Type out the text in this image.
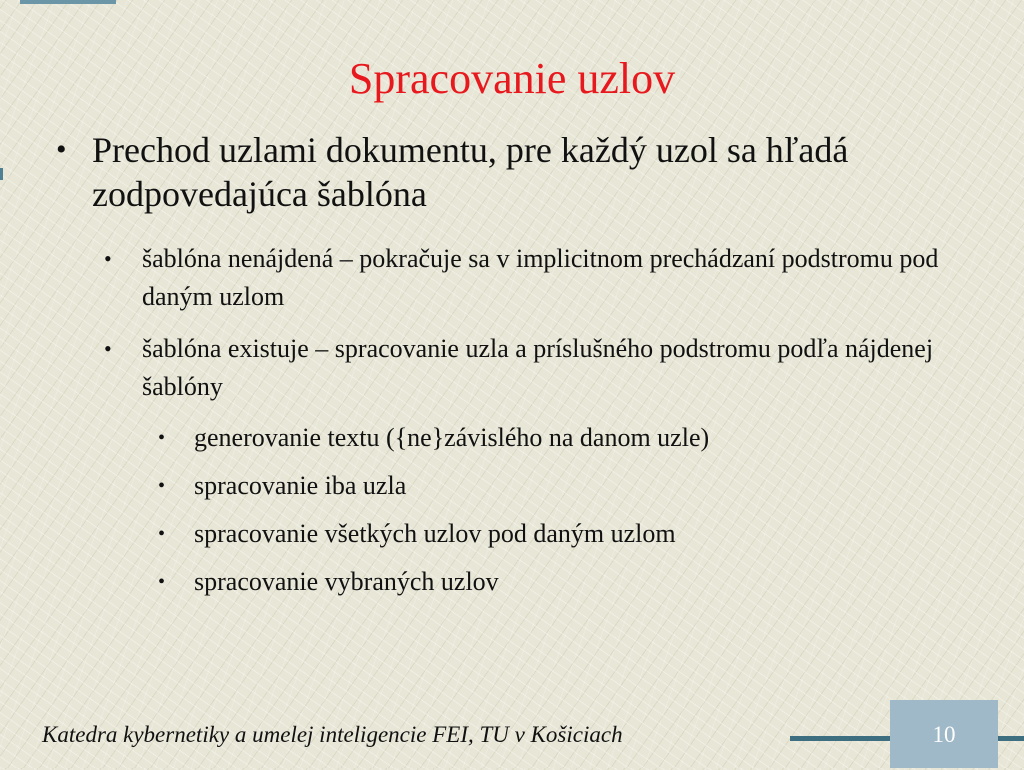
Spracovanie uzlov
• Prechod uzlami dokumentu, pre každý uzol sa hľadá zodpovedajúca šablóna
• šablóna nenájdená – pokračuje sa v implicitnom prechádzaní podstromu pod daným uzlom
• šablóna existuje – spracovanie uzla a príslušného podstromu podľa nájdenej šablóny
• generovanie textu ({ne}závislého na danom uzle)
• spracovanie iba uzla
• spracovanie všetkých uzlov pod daným uzlom
• spracovanie vybraných uzlov
Katedra kybernetiky a umelej inteligencie FEI, TU v Košiciach	10
